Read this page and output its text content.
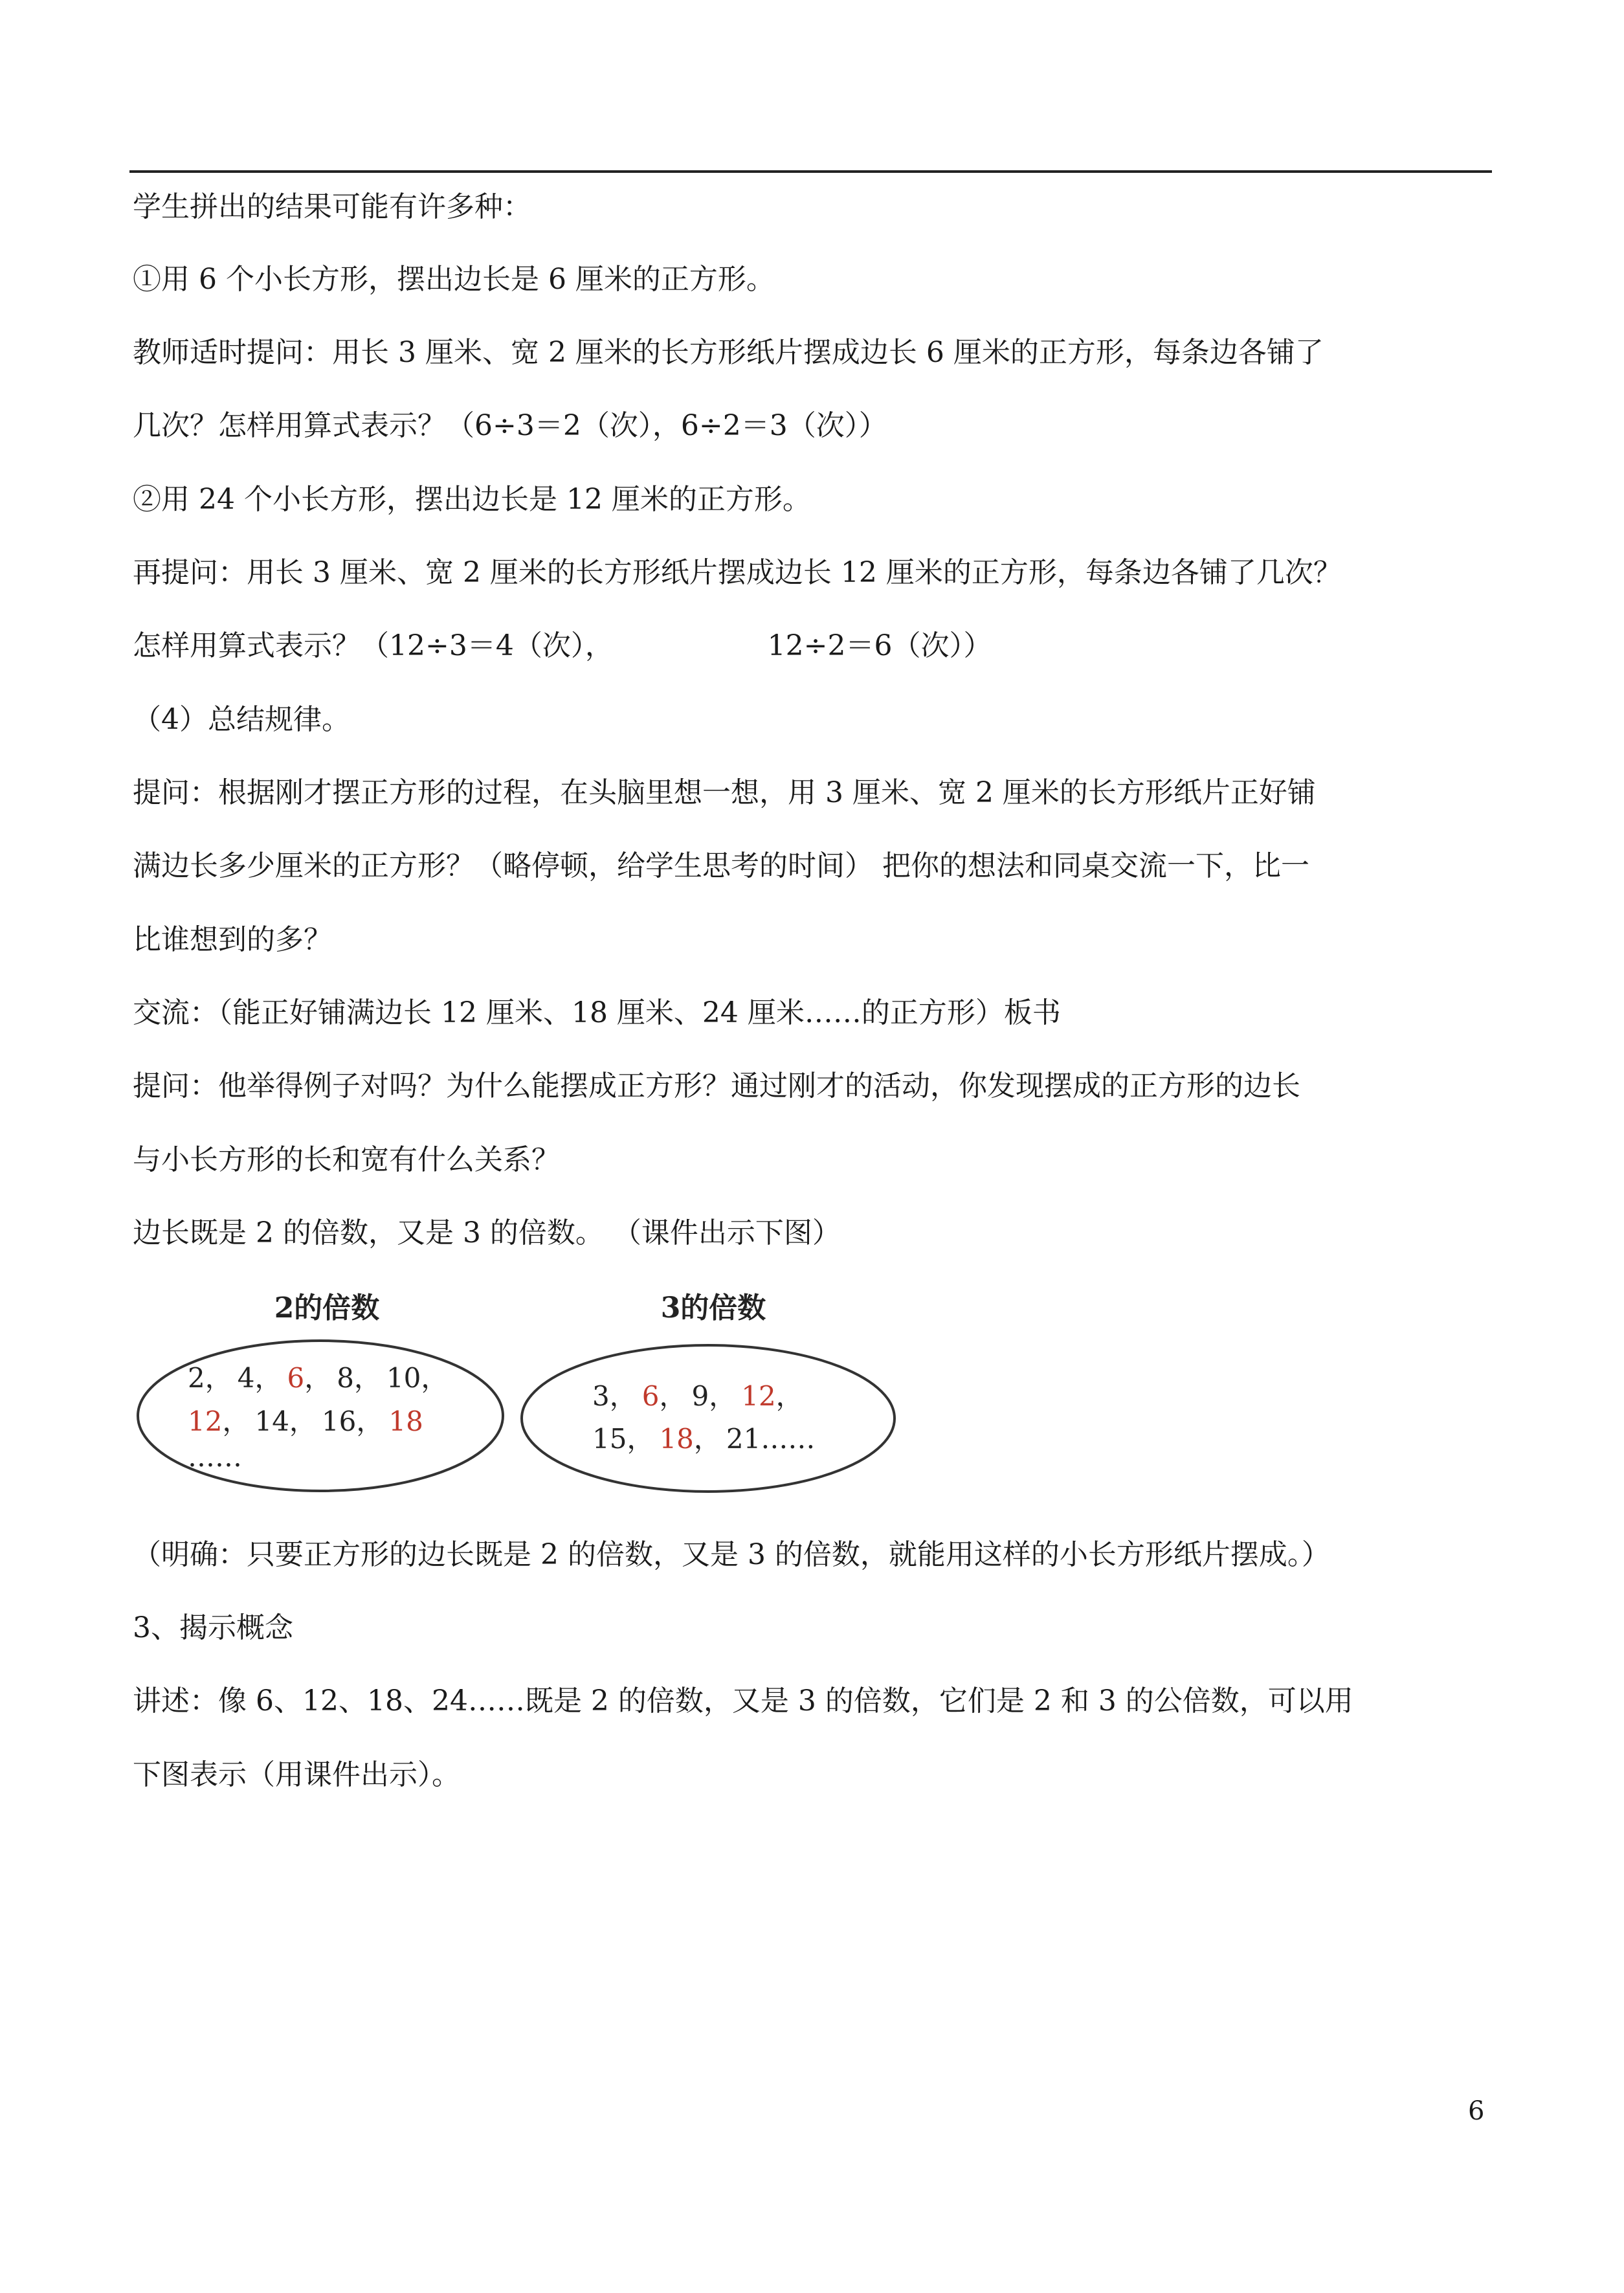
学生拼出的结果可能有许多种：
①用 6 个小长方形，摆出边长是 6 厘米的正方形。
教师适时提问：用长 3 厘米、宽 2 厘米的长方形纸片摆成边长 6 厘米的正方形，每条边各铺了
几次？怎样用算式表示？（6÷3＝2（次），6÷2＝3（次））
②用 24 个小长方形，摆出边长是 12 厘米的正方形。
再提问：用长 3 厘米、宽 2 厘米的长方形纸片摆成边长 12 厘米的正方形，每条边各铺了几次？
怎样用算式表示？（12÷3＝4（次），                 12÷2＝6（次））
（4）总结规律。
提问：根据刚才摆正方形的过程，在头脑里想一想，用 3 厘米、宽 2 厘米的长方形纸片正好铺
满边长多少厘米的正方形？（略停顿，给学生思考的时间） 把你的想法和同桌交流一下，比一
比谁想到的多？
交流：（能正好铺满边长 12 厘米、18 厘米、24 厘米……的正方形）板书
提问：他举得例子对吗？为什么能摆成正方形？通过刚才的活动，你发现摆成的正方形的边长
与小长方形的长和宽有什么关系？
边长既是 2 的倍数，又是 3 的倍数。 （课件出示下图）
2的倍数	3的倍数
2， 4， 6， 8， 10，
12， 14， 16， 18
……
3， 6， 9， 12，
15， 18， 21……
（明确：只要正方形的边长既是 2 的倍数，又是 3 的倍数，就能用这样的小长方形纸片摆成。）
3、揭示概念
讲述：像 6、12、18、24……既是 2 的倍数，又是 3 的倍数，它们是 2 和 3 的公倍数，可以用
下图表示（用课件出示）。
6
